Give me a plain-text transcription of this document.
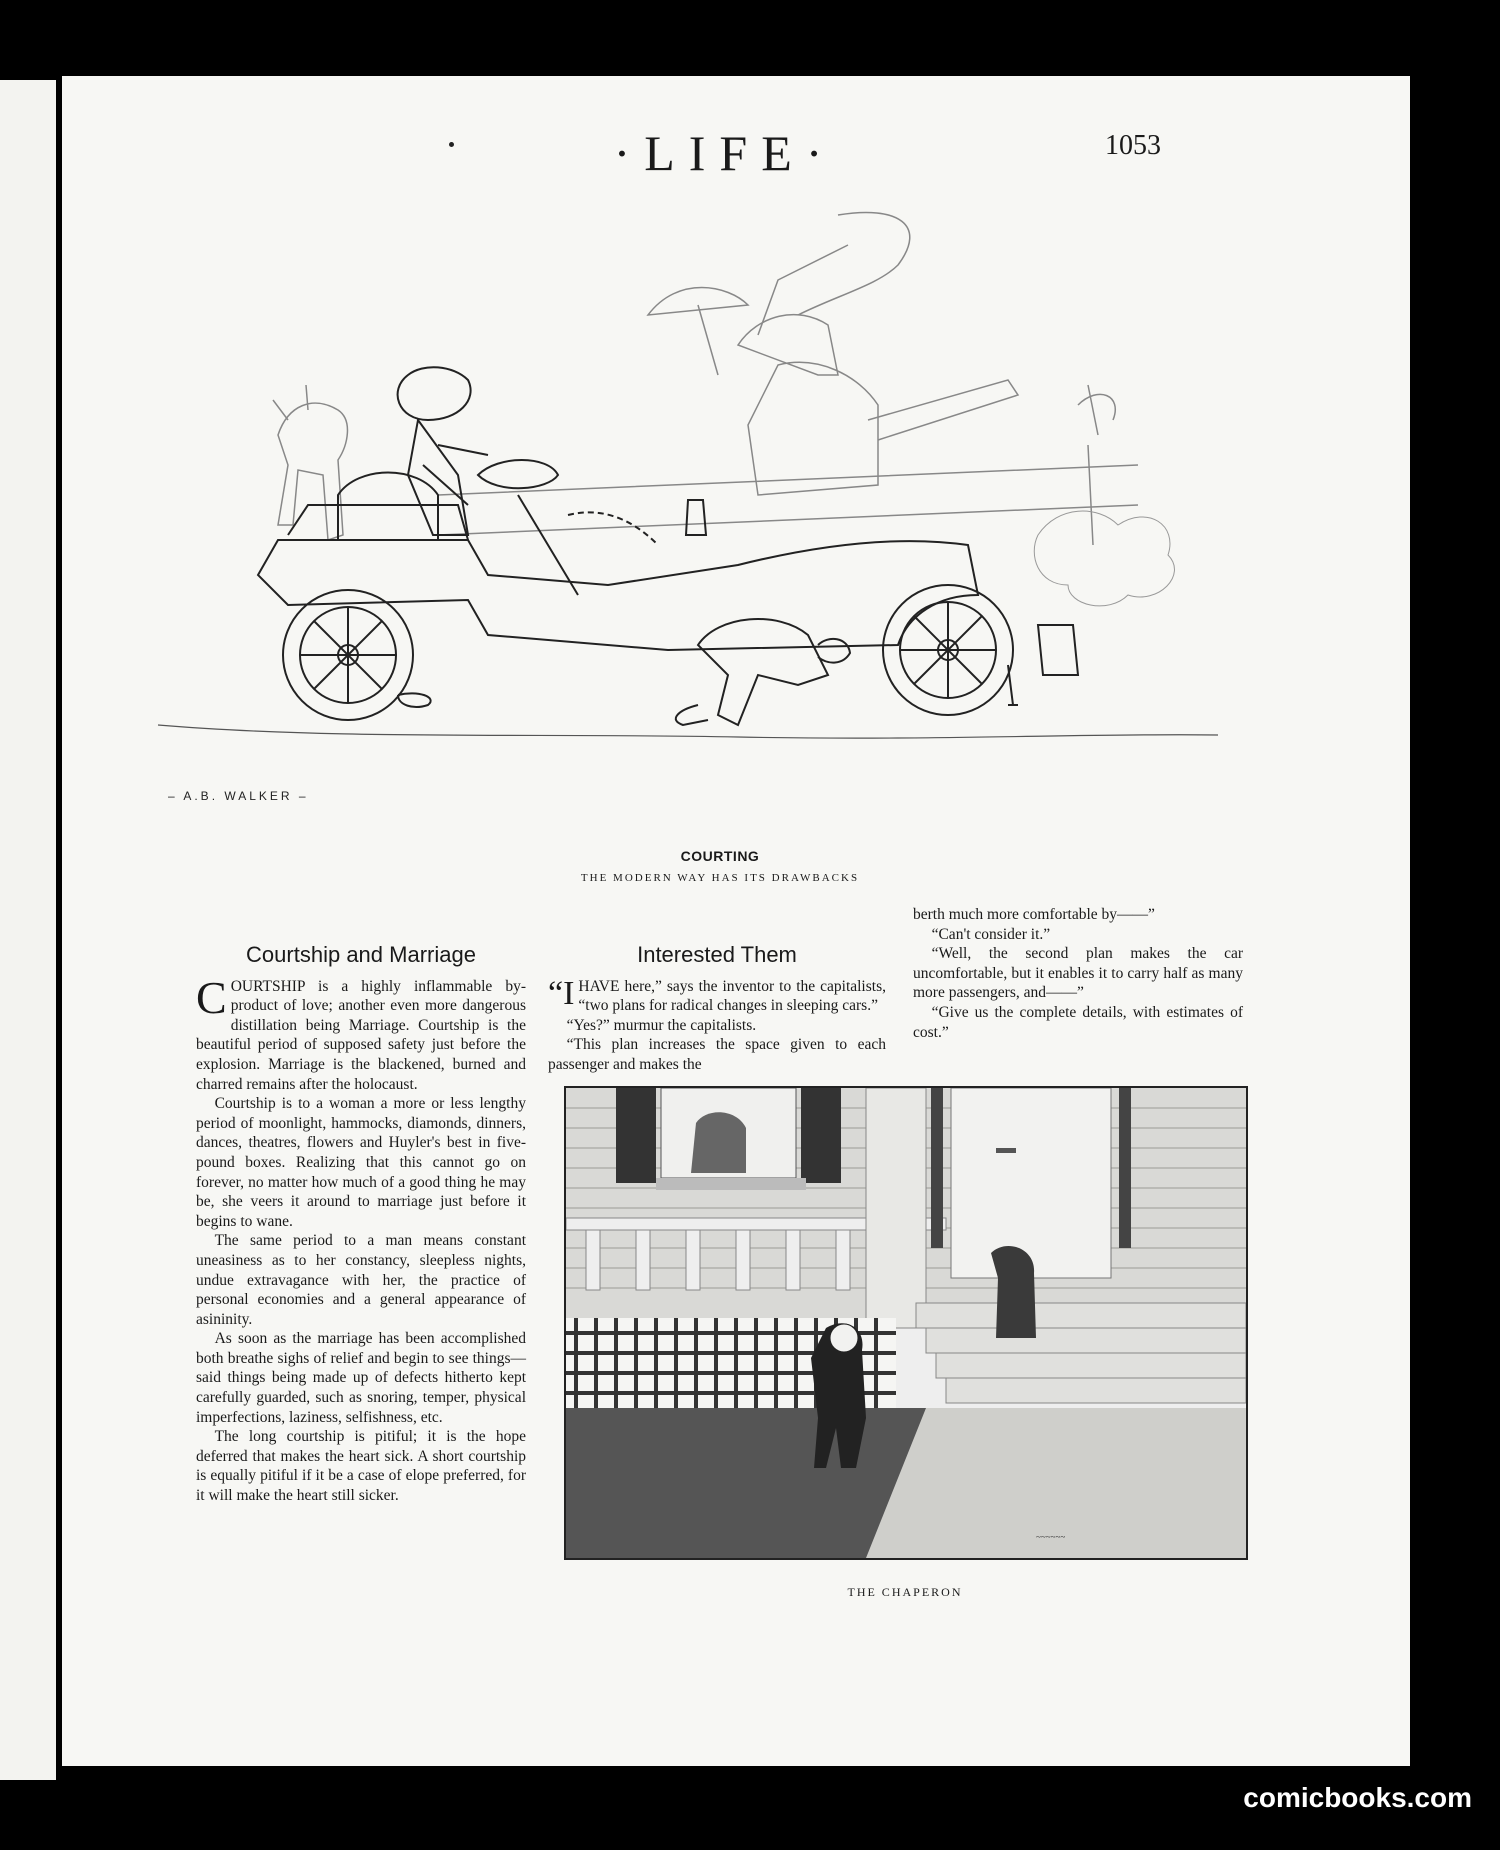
·LIFE·	1053
– A.B. WALKER –
COURTING
THE MODERN WAY HAS ITS DRAWBACKS
Courtship and Marriage

COURTSHIP is a highly inflammable by-product of love; another even more dangerous distillation being Marriage. Courtship is the beautiful period of supposed safety just before the explosion. Marriage is the blackened, burned and charred remains after the holocaust.

Courtship is to a woman a more or less lengthy period of moonlight, hammocks, diamonds, dinners, dances, theatres, flowers and Huyler's best in five-pound boxes. Realizing that this cannot go on forever, no matter how much of a good thing he may be, she veers it around to marriage just before it begins to wane.

The same period to a man means constant uneasiness as to her constancy, sleepless nights, undue extravagance with her, the practice of personal economies and a general appearance of asininity.

As soon as the marriage has been accomplished both breathe sighs of relief and begin to see things—said things being made up of defects hitherto kept carefully guarded, such as snoring, temper, physical imperfections, laziness, selfishness, etc.

The long courtship is pitiful; it is the hope deferred that makes the heart sick. A short courtship is equally pitiful if it be a case of elope preferred, for it will make the heart still sicker.

Interested Them

“IHAVE here,” says the inventor to the capitalists, “two plans for radical changes in sleeping cars.”

“Yes?” murmur the capitalists.

“This plan increases the space given to each passenger and makes the

berth much more comfortable by——”

“Can't consider it.”

“Well, the second plan makes the car uncomfortable, but it enables it to carry half as many more passengers, and——”

“Give us the complete details, with estimates of cost.”

~~~~~~
THE CHAPERON
comicbooks.com
